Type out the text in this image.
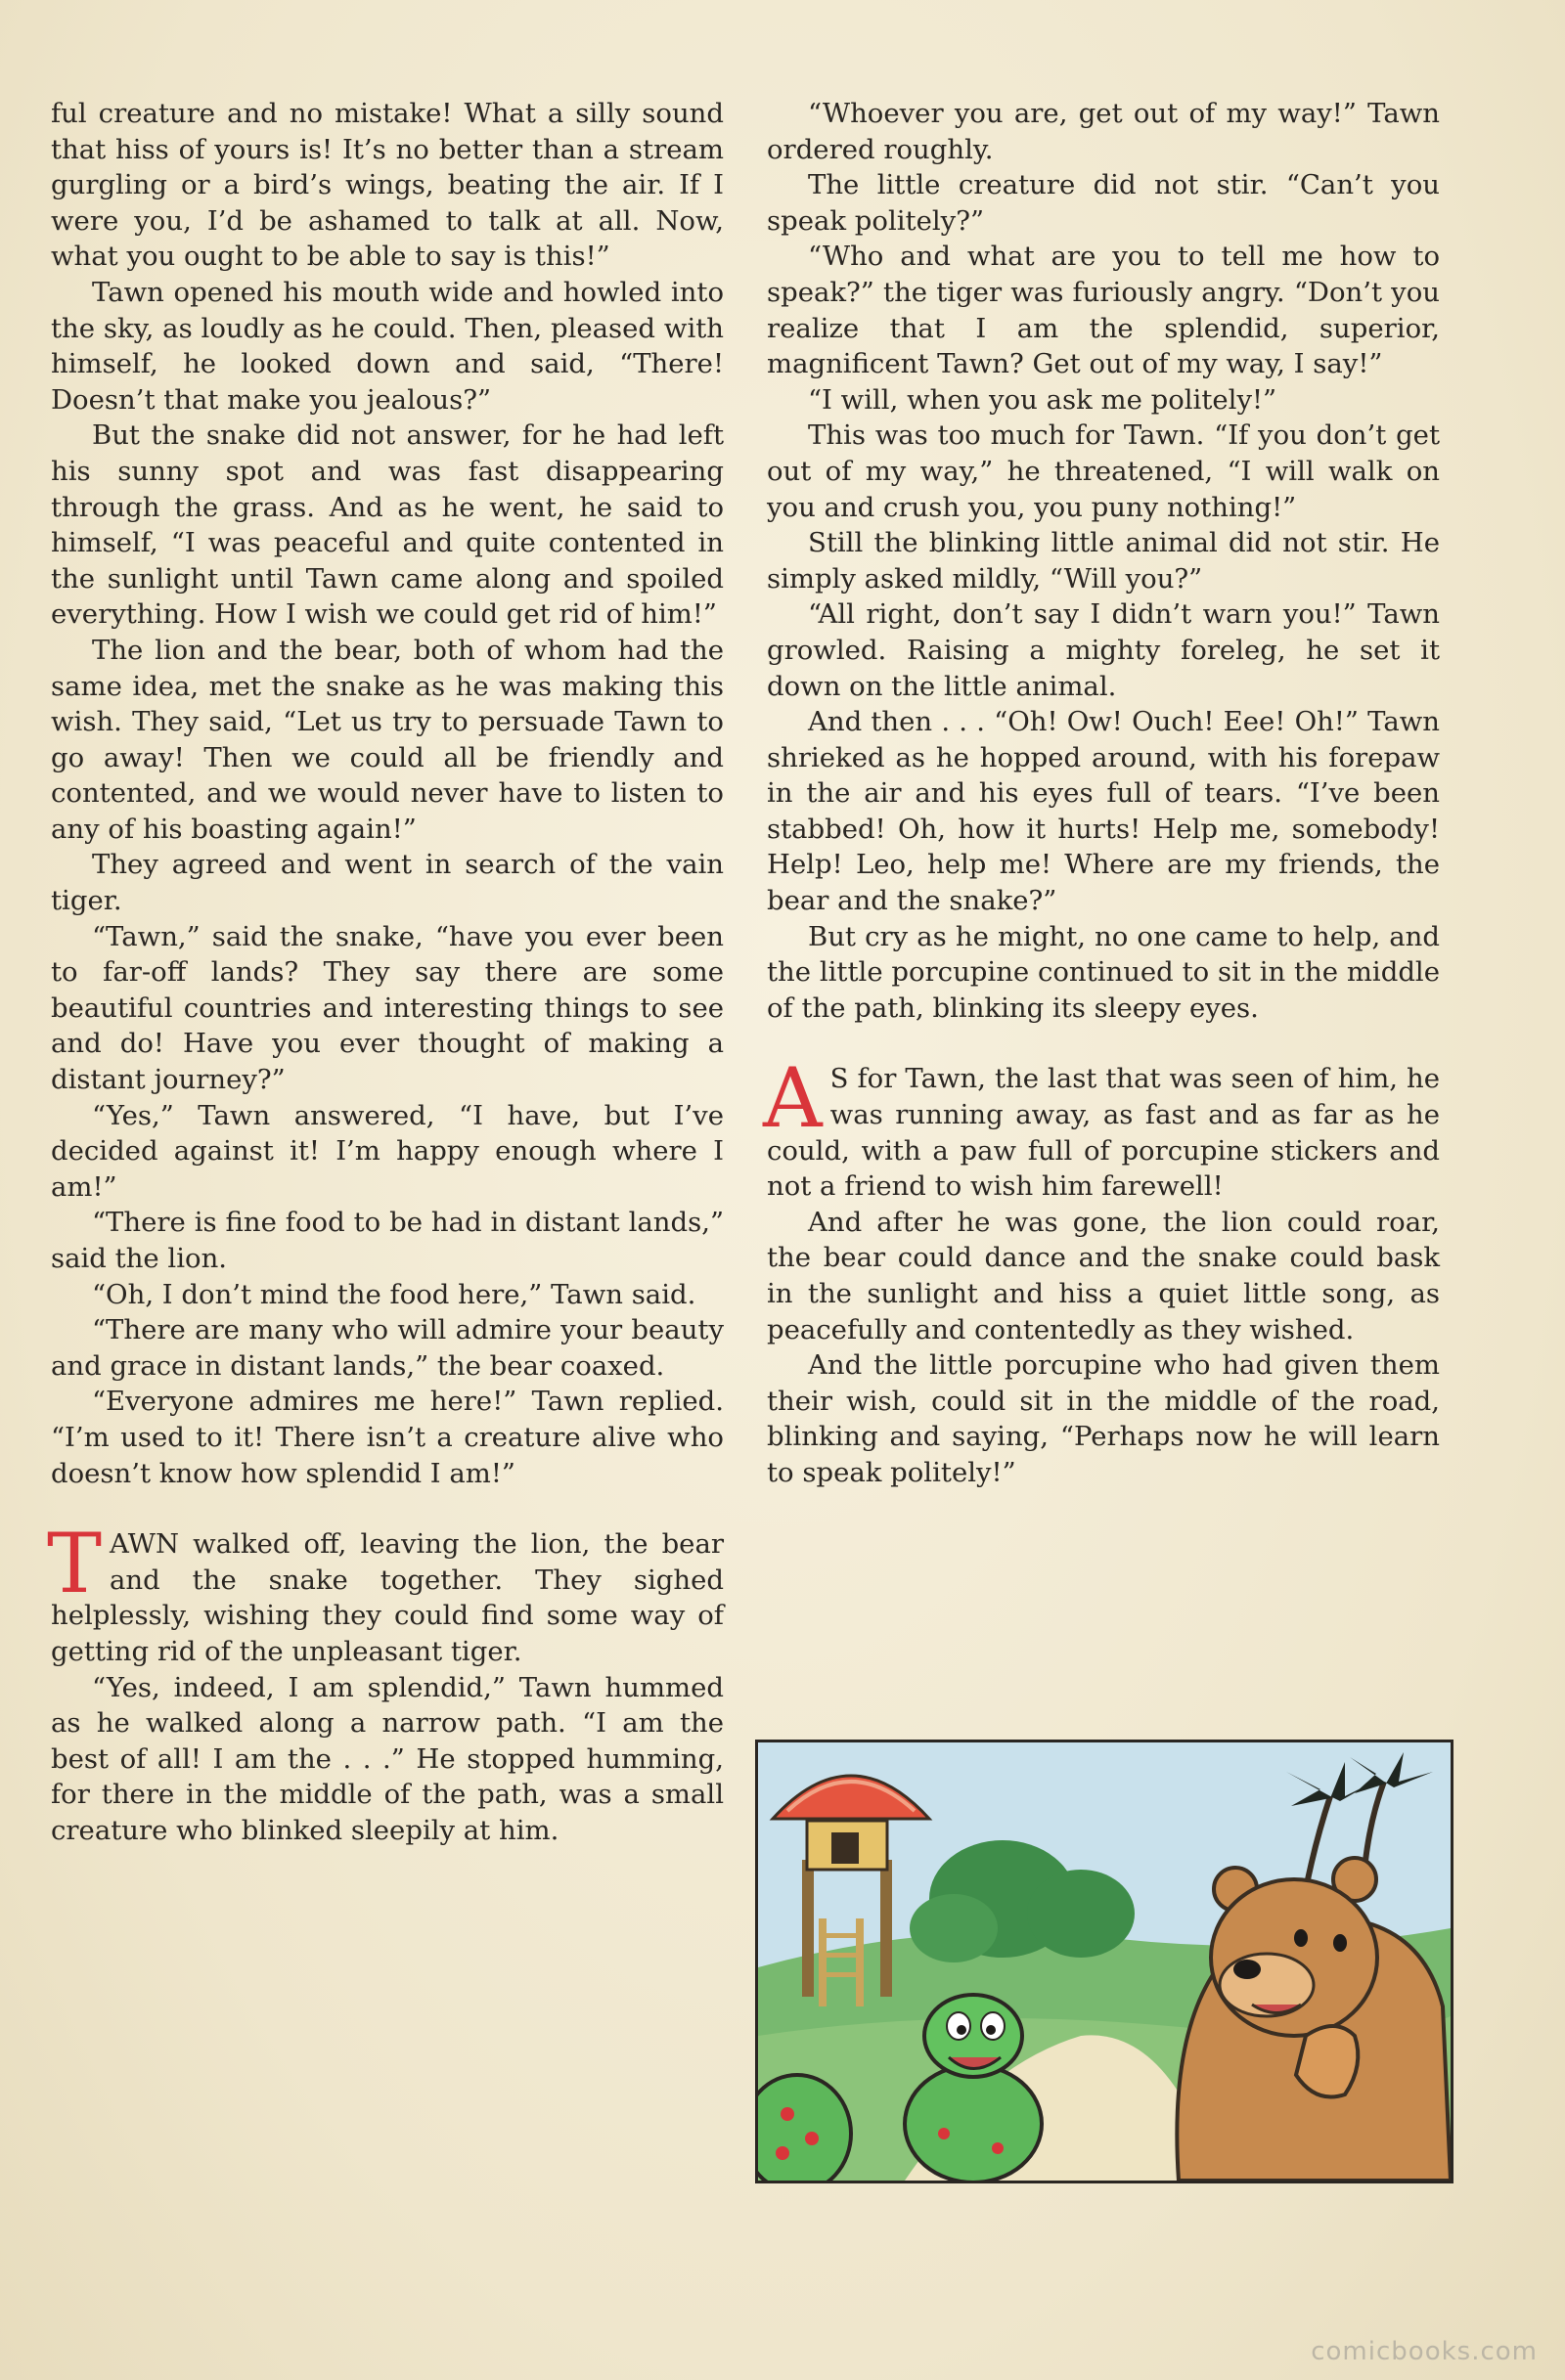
ful creature and no mistake! What a silly sound that hiss of yours is! It’s no better than a stream gurgling or a bird’s wings, beating the air. If I were you, I’d be ashamed to talk at all. Now, what you ought to be able to say is this!”

Tawn opened his mouth wide and howled into the sky, as loudly as he could. Then, pleased with himself, he looked down and said, “There! Doesn’t that make you jealous?”

But the snake did not answer, for he had left his sunny spot and was fast disappearing through the grass. And as he went, he said to himself, “I was peaceful and quite contented in the sunlight until Tawn came along and spoiled everything. How I wish we could get rid of him!”

The lion and the bear, both of whom had the same idea, met the snake as he was making this wish. They said, “Let us try to persuade Tawn to go away! Then we could all be friendly and contented, and we would never have to listen to any of his boasting again!”

They agreed and went in search of the vain tiger.

“Tawn,” said the snake, “have you ever been to far-off lands? They say there are some beautiful countries and interesting things to see and do! Have you ever thought of making a distant journey?”

“Yes,” Tawn answered, “I have, but I’ve decided against it! I’m happy enough where I am!”

“There is fine food to be had in distant lands,” said the lion.

“Oh, I don’t mind the food here,” Tawn said.

“There are many who will admire your beauty and grace in distant lands,” the bear coaxed.

“Everyone admires me here!” Tawn replied. “I’m used to it! There isn’t a creature alive who doesn’t know how splendid I am!”

TAWN walked off, leaving the lion, the bear and the snake together. They sighed helplessly, wishing they could find some way of getting rid of the unpleasant tiger.

“Yes, indeed, I am splendid,” Tawn hummed as he walked along a narrow path. “I am the best of all! I am the . . .” He stopped humming, for there in the middle of the path, was a small creature who blinked sleepily at him.

“Whoever you are, get out of my way!” Tawn ordered roughly.

The little creature did not stir. “Can’t you speak politely?”

“Who and what are you to tell me how to speak?” the tiger was furiously angry. “Don’t you realize that I am the splendid, superior, magnificent Tawn? Get out of my way, I say!”

“I will, when you ask me politely!”

This was too much for Tawn. “If you don’t get out of my way,” he threatened, “I will walk on you and crush you, you puny nothing!”

Still the blinking little animal did not stir. He simply asked mildly, “Will you?”

“All right, don’t say I didn’t warn you!” Tawn growled. Raising a mighty foreleg, he set it down on the little animal.

And then . . . “Oh! Ow! Ouch! Eee! Oh!” Tawn shrieked as he hopped around, with his forepaw in the air and his eyes full of tears. “I’ve been stabbed! Oh, how it hurts! Help me, somebody! Help! Leo, help me! Where are my friends, the bear and the snake?”

But cry as he might, no one came to help, and the little porcupine continued to sit in the middle of the path, blinking its sleepy eyes.

A S for Tawn, the last that was seen of him, he was running away, as fast and as far as he could, with a paw full of porcupine stickers and not a friend to wish him farewell!

And after he was gone, the lion could roar, the bear could dance and the snake could bask in the sunlight and hiss a quiet little song, as peacefully and contentedly as they wished.

And the little porcupine who had given them their wish, could sit in the middle of the road, blinking and saying, “Perhaps now he will learn to speak politely!”

comicbooks.com
